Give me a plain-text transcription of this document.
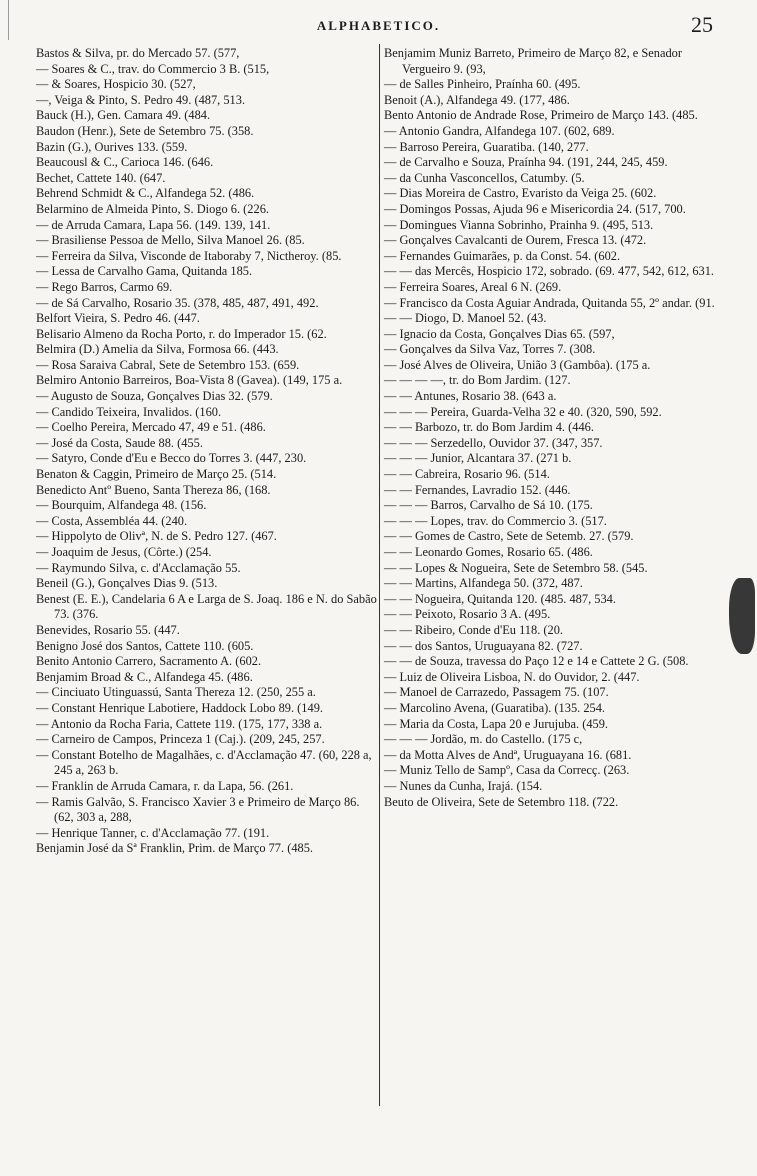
ALPHABETICO.	25

Bastos & Silva, pr. do Mercado 57. (577,

— Soares & C., trav. do Commercio 3 B. (515,

— & Soares, Hospicio 30. (527,

—, Veiga & Pinto, S. Pedro 49. (487, 513.

Bauck (H.), Gen. Camara 49. (484.

Baudon (Henr.), Sete de Setembro 75. (358.

Bazin (G.), Ourives 133. (559.

Beaucousl & C., Carioca 146. (646.

Bechet, Cattete 140. (647.

Behrend Schmidt & C., Alfandega 52. (486.

Belarmino de Almeida Pinto, S. Diogo 6. (226.

— de Arruda Camara, Lapa 56. (149. 139, 141.

— Brasiliense Pessoa de Mello, Silva Manoel 26. (85.

— Ferreira da Silva, Visconde de Itaboraby 7, Nictheroy. (85.

— Lessa de Carvalho Gama, Quitanda 185.

— Rego Barros, Carmo 69.

— de Sá Carvalho, Rosario 35. (378, 485, 487, 491, 492.

Belfort Vieira, S. Pedro 46. (447.

Belisario Almeno da Rocha Porto, r. do Imperador 15. (62.

Belmira (D.) Amelia da Silva, Formosa 66. (443.

— Rosa Saraiva Cabral, Sete de Setembro 153. (659.

Belmiro Antonio Barreiros, Boa-Vista 8 (Gavea). (149, 175 a.

— Augusto de Souza, Gonçalves Dias 32. (579.

— Candido Teixeira, Invalidos. (160.

— Coelho Pereira, Mercado 47, 49 e 51. (486.

— José da Costa, Saude 88. (455.

— Satyro, Conde d'Eu e Becco do Torres 3. (447, 230.

Benaton & Caggin, Primeiro de Março 25. (514.

Benedicto Antº Bueno, Santa Thereza 86, (168.

— Bourquim, Alfandega 48. (156.

— Costa, Assembléa 44. (240.

— Hippolyto de Olivª, N. de S. Pedro 127. (467.

— Joaquim de Jesus, (Côrte.) (254.

— Raymundo Silva, c. d'Acclamação 55.

Beneil (G.), Gonçalves Dias 9. (513.

Benest (E. E.), Candelaria 6 A e Larga de S. Joaq. 186 e N. do Sabão 73. (376.

Benevides, Rosario 55. (447.

Benigno José dos Santos, Cattete 110. (605.

Benito Antonio Carrero, Sacramento A. (602.

Benjamim Broad & C., Alfandega 45. (486.

— Cinciuato Utinguassú, Santa Thereza 12. (250, 255 a.

— Constant Henrique Labotiere, Haddock Lobo 89. (149.

— Antonio da Rocha Faria, Cattete 119. (175, 177, 338 a.

— Carneiro de Campos, Princeza 1 (Caj.). (209, 245, 257.

— Constant Botelho de Magalhães, c. d'Acclamação 47. (60, 228 a, 245 a, 263 b.

— Franklin de Arruda Camara, r. da Lapa, 56. (261.

— Ramis Galvão, S. Francisco Xavier 3 e Primeiro de Março 86. (62, 303 a, 288,

— Henrique Tanner, c. d'Acclamação 77. (191.

Benjamin José da Sª Franklin, Prim. de Março 77. (485.

Benjamim Muniz Barreto, Primeiro de Março 82, e Senador Vergueiro 9. (93,

— de Salles Pinheiro, Praínha 60. (495.

Benoit (A.), Alfandega 49. (177, 486.

Bento Antonio de Andrade Rose, Primeiro de Março 143. (485.

— Antonio Gandra, Alfandega 107. (602, 689.

— Barroso Pereira, Guaratiba. (140, 277.

— de Carvalho e Souza, Praínha 94. (191, 244, 245, 459.

— da Cunha Vasconcellos, Catumby. (5.

— Dias Moreira de Castro, Evaristo da Veiga 25. (602.

— Domingos Possas, Ajuda 96 e Misericordia 24. (517, 700.

— Domingues Vianna Sobrinho, Prainha 9. (495, 513.

— Gonçalves Cavalcanti de Ourem, Fresca 13. (472.

— Fernandes Guimarães, p. da Const. 54. (602.

— — das Mercês, Hospicio 172, sobrado. (69. 477, 542, 612, 631.

— Ferreira Soares, Areal 6 N. (269.

— Francisco da Costa Aguiar Andrada, Quitanda 55, 2º andar. (91.

— — Diogo, D. Manoel 52. (43.

— Ignacio da Costa, Gonçalves Dias 65. (597,

— Gonçalves da Silva Vaz, Torres 7. (308.

— José Alves de Oliveira, União 3 (Gambôa). (175 a.

— — — —, tr. do Bom Jardim. (127.

— — Antunes, Rosario 38. (643 a.

— — — Pereira, Guarda-Velha 32 e 40. (320, 590, 592.

— — Barbozo, tr. do Bom Jardim 4. (446.

— — — Serzedello, Ouvidor 37. (347, 357.

— — — Junior, Alcantara 37. (271 b.

— — Cabreira, Rosario 96. (514.

— — Fernandes, Lavradio 152. (446.

— — — Barros, Carvalho de Sá 10. (175.

— — — Lopes, trav. do Commercio 3. (517.

— — Gomes de Castro, Sete de Setemb. 27. (579.

— — Leonardo Gomes, Rosario 65. (486.

— — Lopes & Nogueira, Sete de Setembro 58. (545.

— — Martins, Alfandega 50. (372, 487.

— — Nogueira, Quitanda 120. (485. 487, 534.

— — Peixoto, Rosario 3 A. (495.

— — Ribeiro, Conde d'Eu 118. (20.

— — dos Santos, Uruguayana 82. (727.

— — de Souza, travessa do Paço 12 e 14 e Cattete 2 G. (508.

— Luiz de Oliveira Lisboa, N. do Ouvidor, 2. (447.

— Manoel de Carrazedo, Passagem 75. (107.

— Marcolino Avena, (Guaratiba). (135. 254.

— Maria da Costa, Lapa 20 e Jurujuba. (459.

— — — Jordão, m. do Castello. (175 c,

— da Motta Alves de Andª, Uruguayana 16. (681.

— Muniz Tello de Sampº, Casa da Correcç. (263.

— Nunes da Cunha, Irajá. (154.

Beuto de Oliveira, Sete de Setembro 118. (722.
